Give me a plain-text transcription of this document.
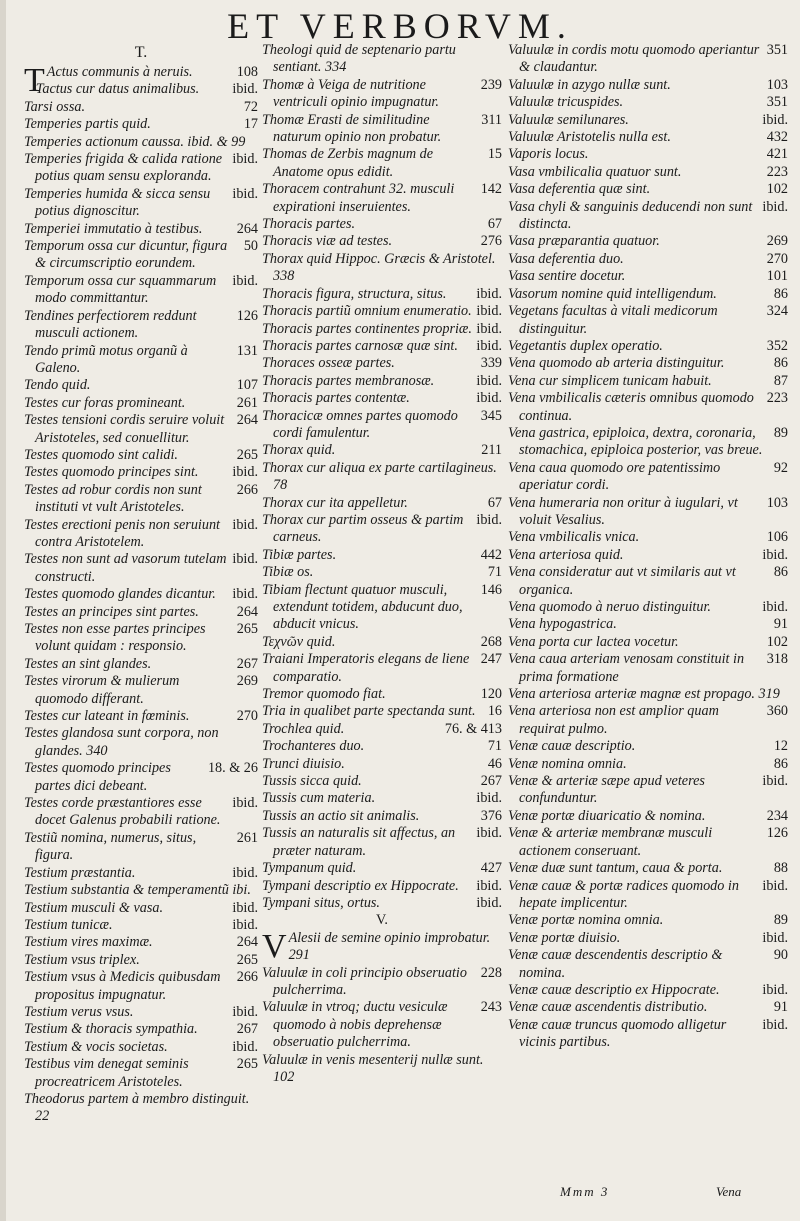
ET VERBORVM.
T.
T	108
Actus communis à neruis.
ibid.
Tactus cur datus animalibus.
72
Tarsi ossa.
17
Temperies partis quid.
Temperies actionum caussa. ibid. & 99
ibid.
Temperies frigida & calida ratione potius quam sensu exploranda.
ibid.
Temperies humida & sicca sensu potius dignoscitur.
264
Temperiei immutatio à testibus.
50
Temporum ossa cur dicuntur, figura & circumscriptio eorundem.
ibid.
Temporum ossa cur squammarum modo committantur.
126
Tendines perfectiorem reddunt musculi actionem.
131
Tendo primũ motus organũ à Galeno.
107
Tendo quid.
261
Testes cur foras promineant.
264
Testes tensioni cordis seruire voluit Aristoteles, sed conuellitur.
265
Testes quomodo sint calidi.
ibid.
Testes quomodo principes sint.
266
Testes ad robur cordis non sunt instituti vt vult Aristoteles.
ibid.
Testes erectioni penis non seruiunt contra Aristotelem.
ibid.
Testes non sunt ad vasorum tutelam constructi.
ibid.
Testes quomodo glandes dicantur.
264
Testes an principes sint partes.
265
Testes non esse partes principes volunt quidam : responsio.
267
Testes an sint glandes.
269
Testes virorum & mulierum quomodo differant.
270
Testes cur lateant in fœminis.
Testes glandosa sunt corpora, non glandes. 340
18. & 26
Testes quomodo principes partes dici debeant.
ibid.
Testes corde præstantiores esse docet Galenus probabili ratione.
261
Testiũ nomina, numerus, situs, figura.
ibid.
Testium præstantia.
Testium substantia & temperamentũ ibi.
ibid.
Testium musculi & vasa.
ibid.
Testium tunicæ.
264
Testium vires maximæ.
265
Testium vsus triplex.
266
Testium vsus à Medicis quibusdam propositus impugnatur.
ibid.
Testium verus vsus.
267
Testium & thoracis sympathia.
ibid.
Testium & vocis societas.
265
Testibus vim denegat seminis procreatricem Aristoteles.
Theodorus partem à membro distinguit. 22
Theologi quid de septenario partu sentiant. 334
239
Thomæ à Veiga de nutritione ventriculi opinio impugnatur.
311
Thomæ Erasti de similitudine naturum opinio non probatur.
15
Thomas de Zerbis magnum de Anatome opus edidit.
142
Thoracem contrahunt 32. musculi expirationi inseruientes.
67
Thoracis partes.
276
Thoracis viæ ad testes.
Thorax quid Hippoc. Græcis & Aristotel. 338
ibid.
Thoracis figura, structura, situs.
ibid.
Thoracis partiũ omnium enumeratio.
ibid.
Thoracis partes continentes propriæ.
ibid.
Thoracis partes carnosæ quæ sint.
339
Thoraces osseæ partes.
ibid.
Thoracis partes membranosæ.
ibid.
Thoracis partes contentæ.
345
Thoracicæ omnes partes quomodo cordi famulentur.
211
Thorax quid.
Thorax cur aliqua ex parte cartilagineus. 78
67
Thorax cur ita appelletur.
ibid.
Thorax cur partim osseus & partim carneus.
442
Tibiæ partes.
71
Tibiæ os.
146
Tibiam flectunt quatuor musculi, extendunt totidem, abducunt duo, abducit vnicus.
268
Τεχνῶν quid.
247
Traiani Imperatoris elegans de liene comparatio.
120
Tremor quomodo fiat.
16
Tria in qualibet parte spectanda sunt.
76. & 413
Trochlea quid.
71
Trochanteres duo.
46
Trunci diuisio.
267
Tussis sicca quid.
ibid.
Tussis cum materia.
376
Tussis an actio sit animalis.
ibid.
Tussis an naturalis sit affectus, an præter naturam.
427
Tympanum quid.
ibid.
Tympani descriptio ex Hippocrate.
ibid.
Tympani situs, ortus.
V.
V Alesii de semine opinio improbatur. 291
228
Valuulæ in coli principio obseruatio pulcherrima.
243
Valuulæ in vtroq; ductu vesiculæ quomodo à nobis deprehensæ obseruatio pulcherrima.
Valuulæ in venis mesenterij nullæ sunt. 102
351
Valuulæ in cordis motu quomodo aperiantur & claudantur.
103
Valuulæ in azygo nullæ sunt.
351
Valuulæ tricuspides.
ibid.
Valuulæ semilunares.
432
Valuulæ Aristotelis nulla est.
421
Vaporis locus.
223
Vasa vmbilicalia quatuor sunt.
102
Vasa deferentia quæ sint.
ibid.
Vasa chyli & sanguinis deducendi non sunt distincta.
269
Vasa præparantia quatuor.
270
Vasa deferentia duo.
101
Vasa sentire docetur.
86
Vasorum nomine quid intelligendum.
324
Vegetans facultas à vitali medicorum distinguitur.
352
Vegetantis duplex operatio.
86
Vena quomodo ab arteria distinguitur.
87
Vena cur simplicem tunicam habuit.
223
Vena vmbilicalis cæteris omnibus quomodo continua.
89
Vena gastrica, epiploica, dextra, coronaria, stomachica, epiploica posterior, vas breue.
92
Vena caua quomodo ore patentissimo aperiatur cordi.
103
Vena humeraria non oritur à iugulari, vt voluit Vesalius.
106
Vena vmbilicalis vnica.
ibid.
Vena arteriosa quid.
86
Vena consideratur aut vt similaris aut vt organica.
ibid.
Vena quomodo à neruo distinguitur.
91
Vena hypogastrica.
102
Vena porta cur lactea vocetur.
318
Vena caua arteriam venosam constituit in prima formatione
Vena arteriosa arteriæ magnæ est propago. 319
360
Vena arteriosa non est amplior quam requirat pulmo.
12
Venæ cauæ descriptio.
86
Venæ nomina omnia.
ibid.
Venæ & arteriæ sæpe apud veteres confunduntur.
234
Venæ portæ diuaricatio & nomina.
126
Venæ & arteriæ membranæ musculi actionem conseruant.
88
Venæ duæ sunt tantum, caua & porta.
ibid.
Venæ cauæ & portæ radices quomodo in hepate implicentur.
89
Venæ portæ nomina omnia.
ibid.
Venæ portæ diuisio.
90
Venæ cauæ descendentis descriptio & nomina.
ibid.
Venæ cauæ descriptio ex Hippocrate.
91
Venæ cauæ ascendentis distributio.
ibid.
Venæ cauæ truncus quomodo alligetur vicinis partibus.
Mmm 3	Vena
